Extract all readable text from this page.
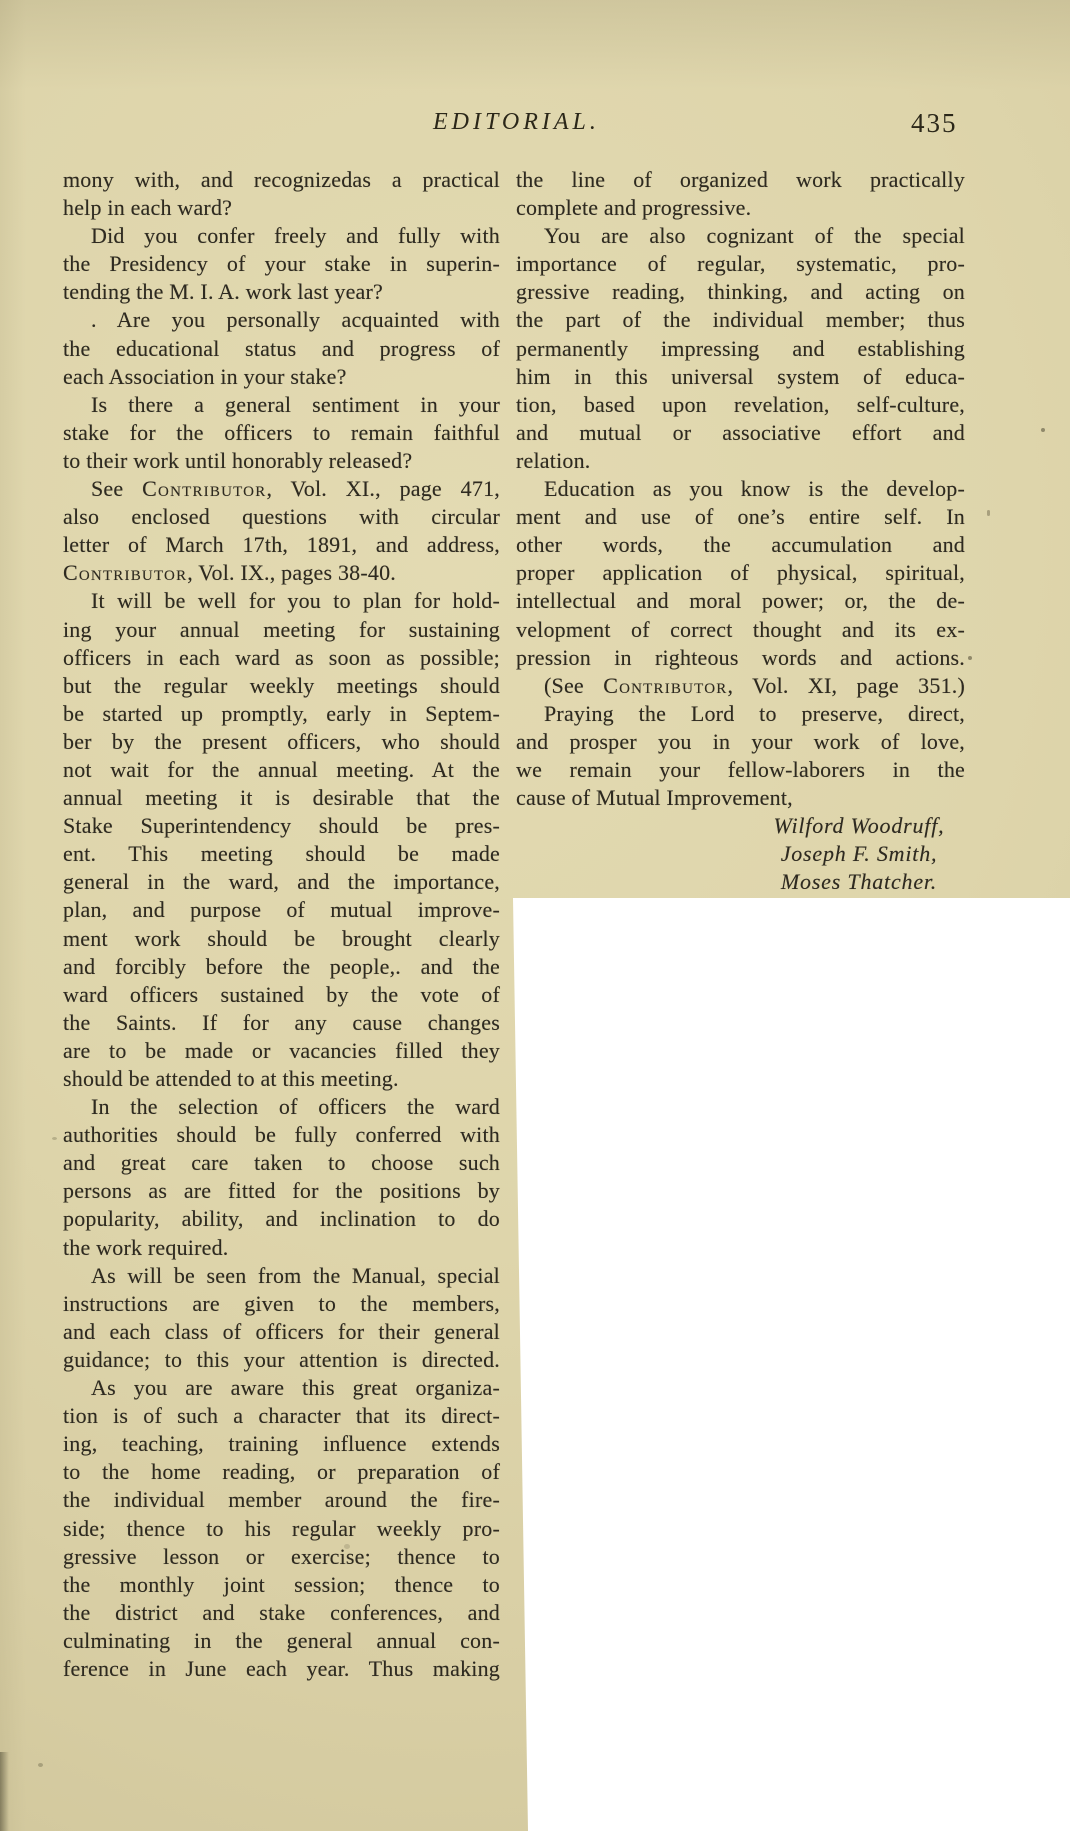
EDITORIAL.	435
mony with, and recognizedas a practical
help in each ward?
Did you confer freely and fully with
the Presidency of your stake in superin-
tending the M. I. A. work last year?
. Are you personally acquainted with
the educational status and progress of
each Association in your stake?
Is there a general sentiment in your
stake for the officers to remain faithful
to their work until honorably released?
See Contributor, Vol. XI., page 471,
also enclosed questions with circular
letter of March 17th, 1891, and address,
Contributor, Vol. IX., pages 38-40.
It will be well for you to plan for hold-
ing your annual meeting for sustaining
officers in each ward as soon as possible;
but the regular weekly meetings should
be started up promptly, early in Septem-
ber by the present officers, who should
not wait for the annual meeting. At the
annual meeting it is desirable that the
Stake Superintendency should be pres-
ent. This meeting should be made
general in the ward, and the importance,
plan, and purpose of mutual improve-
ment work should be brought clearly
and forcibly before the people,. and the
ward officers sustained by the vote of
the Saints. If for any cause changes
are to be made or vacancies filled they
should be attended to at this meeting.
In the selection of officers the ward
authorities should be fully conferred with
and great care taken to choose such
persons as are fitted for the positions by
popularity, ability, and inclination to do
the work required.
As will be seen from the Manual, special
instructions are given to the members,
and each class of officers for their general
guidance; to this your attention is directed.
As you are aware this great organiza-
tion is of such a character that its direct-
ing, teaching, training influence extends
to the home reading, or preparation of
the individual member around the fire-
side; thence to his regular weekly pro-
gressive lesson or exercise; thence to
the monthly joint session; thence to
the district and stake conferences, and
culminating in the general annual con-
ference in June each year. Thus making
the line of organized work practically
complete and progressive.
You are also cognizant of the special
importance of regular, systematic, pro-
gressive reading, thinking, and acting on
the part of the individual member; thus
permanently impressing and establishing
him in this universal system of educa-
tion, based upon revelation, self-culture,
and mutual or associative effort and
relation.
Education as you know is the develop-
ment and use of one’s entire self. In
other words, the accumulation and
proper application of physical, spiritual,
intellectual and moral power; or, the de-
velopment of correct thought and its ex-
pression in righteous words and actions.
(See Contributor, Vol. XI, page 351.)
Praying the Lord to preserve, direct,
and prosper you in your work of love,
we remain your fellow-laborers in the
cause of Mutual Improvement,
Wilford Woodruff,
Joseph F. Smith,
Moses Thatcher.
